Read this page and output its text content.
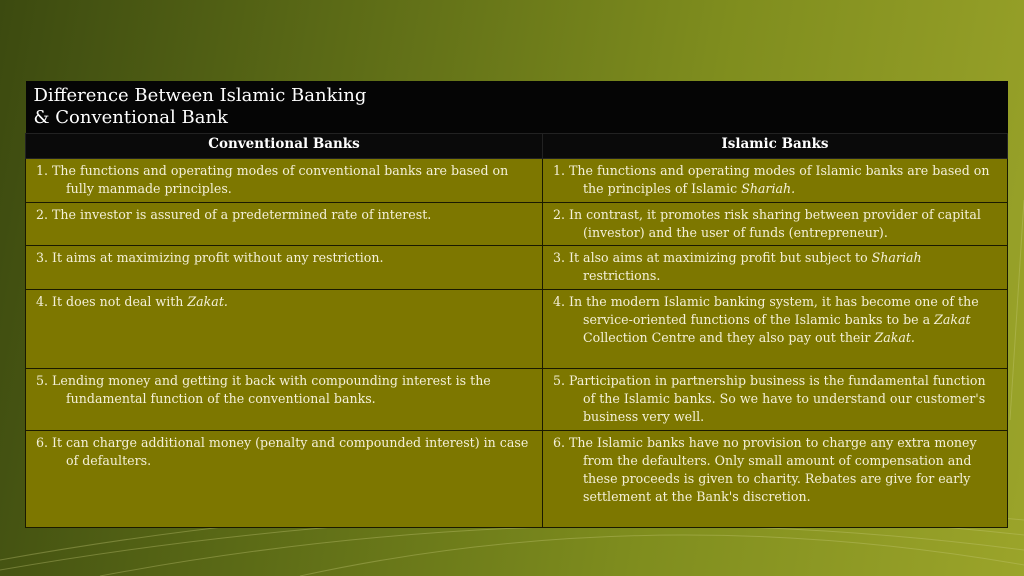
Difference Between Islamic Banking
& Conventional Bank	
Conventional Banks	Islamic Banks

1. The functions and operating modes of conventional banks are based on fully manmade principles.	1. The functions and operating modes of Islamic banks are based on the principles of Islamic Shariah.

2. The investor is assured of a predetermined rate of interest.	2. In contrast, it promotes risk sharing between provider of capital (investor) and the user of funds (entrepreneur).

3. It aims at maximizing profit without any restriction.	3. It also aims at maximizing profit but subject to Shariah restrictions.

4. It does not deal with Zakat.	4. In the modern Islamic banking system, it has become one of the service-oriented functions of the Islamic banks to be a Zakat Collection Centre and they also pay out their Zakat.

5. Lending money and getting it back with compounding interest is the fundamental function of the conventional banks.	5. Participation in partnership business is the fundamental function of the Islamic banks. So we have to understand our customer's business very well.

6. It can charge additional money (penalty and compounded interest) in case of defaulters.	6. The Islamic banks have no provision to charge any extra money from the defaulters. Only small amount of compensation and these proceeds is given to charity. Rebates are give for early settlement at the Bank's discretion.
